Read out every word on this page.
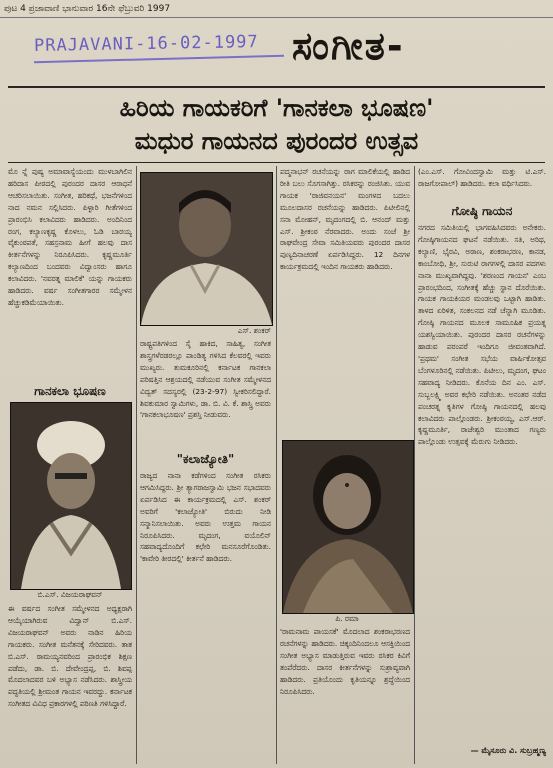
ಪುಟ 4 ಪ್ರಜಾವಾಣಿ ಭಾನುವಾರ 16ನೇ ಫೆಬ್ರುವರಿ 1997
PRAJAVANI-16-02-1997 ಸಂಗೀತ-
ಹಿರಿಯ ಗಾಯಕರಿಗೆ 'ಗಾನಕಲಾ ಭೂಷಣ'
ಮಧುರ ಗಾಯನದ ಪುರಂದರ ಉತ್ಸವ

ಮೊ ನ್ನೆ ಪುಷ್ಯ ಅಮಾವಾಸ್ಯೆಯಂದು ಮುಳಬಾಗಿಲಿನ ಹರಿದಾಸ ಪೀಠದಲ್ಲಿ ಪುರಂದರ ದಾಸರ ಆರಾಧನೆ ಆಚರಿಸಲಾಯಿತು. ಸಂಗೀತ, ಹರಿಕಥೆ, ಭಜನೆಗಳಿಂದ ನಾದ ನಮನ ಸಲ್ಲಿಸಿದರು. ಪಿಳ್ಳಾರಿ ಗೀತೆಗಳಿಂದ ಪ್ರಾರಂಭಿಸಿ ಕಲಾವಿದರು ಹಾಡಿದರು. ಅಂದಿನಿಂದ ರಂಗ, ಕಲ್ಯಾಣಕೃಷ್ಣ ಕೊಳಲು, ಓಡಿ ಬಾರಯ್ಯ ವೈಕುಂಠಪತೆ, ಸಹಸ್ರನಾಮ ಹೀಗೆ ಹಲವು ದಾಸ ಕೀರ್ತನೆಗಳನ್ನು ನಿರೂಪಿಸಿದರು. ಕೃಷ್ಣಮೂರ್ತಿ ಕಲ್ಯಾಣದಿಂದ ಬಂದವರು ವಿದ್ವಾಂಸರು ಹಾಗೂ ಕಲಾವಿದರು. 'ನವರತ್ನ ಮಾಲಿಕೆ' ಯನ್ನು ಗಾಯಕರು ಹಾಡಿದರು. ವರ್ಷ ಸಂಗೀತಗಾರರ ಸಮ್ಮೇಳನ ಹೆಚ್ಚುಕಡಿಮೆಯಾಯಿತು.

ಗಾನಕಲಾ ಭೂಷಣ
ಬಿ.ಎಸ್. ವಿಜಯರಾಘವನ್

ಈ ವರ್ಷದ ಸಂಗೀತ ಸಮ್ಮೇಳನದ ಅಧ್ಯಕ್ಷರಾಗಿ ಆಯ್ಕೆಯಾಗಿರುವ ವಿದ್ವಾನ್ ಬಿ.ಎಸ್. ವಿಜಯರಾಘವನ್ ಅವರು ನಾಡಿನ ಹಿರಿಯ ಗಾಯಕರು. ಸಂಗೀತ ಮನೆತನಕ್ಕೆ ಸೇರಿದವರು. ತಾತ ಬಿ.ಎಸ್. ರಾಮಯ್ಯನವರಿಂದ ಪ್ರಾರಂಭಿಕ ಶಿಕ್ಷಣ ಪಡೆದು, ಡಾ. ಬಿ. ದೇವೇಂದ್ರಪ್ಪ, ಬಿ. ಶಿವಪ್ಪ ಮೊದಲಾದವರ ಬಳಿ ಅಭ್ಯಾಸ ನಡೆಸಿದರು. ಶಾಸ್ತ್ರೀಯ ಪದ್ಧತಿಯಲ್ಲಿ ಶ್ರೀಮಂತ ಗಾಯನ ಇವರದ್ದು. ಕರ್ನಾಟಕ ಸಂಗೀತದ ವಿವಿಧ ಪ್ರಕಾರಗಳಲ್ಲಿ ಪರಿಣತಿ ಗಳಿಸಿದ್ದಾರೆ.

ಎಸ್. ಶಂಕರ್

ರಾಷ್ಟ್ರಪತಿಗಳಿಂದ ಸೈ ಹಾಕಿದ, ಸಾಹಿತ್ಯ, ಸಂಗೀತ ಶಾಸ್ತ್ರಗಳೆರಡರಲ್ಲೂ ಪಾಂಡಿತ್ಯ ಗಳಿಸಿದ ಕೆಲವರಲ್ಲಿ ಇವರು ಮುಖ್ಯರು. ತುಮಕೂರಿನಲ್ಲಿ ಕರ್ನಾಟಕ ಗಾನಕಲಾ ಪರಿಷತ್ತಿನ ಆಶ್ರಯದಲ್ಲಿ ನಡೆಯುವ ಸಂಗೀತ ಸಮ್ಮೇಳನದ ವಿದ್ವತ್ ಸದಸ್ಯರಲ್ಲಿ (23-2-97) ಸ್ವೀಕರಿಸಲಿದ್ದಾರೆ. ಶಿವಕುಮಾರ ಸ್ವಾಮಿಗಳು, ಡಾ. ಬಿ. ವಿ. ಕೆ. ಶಾಸ್ತ್ರಿ ಅವರು 'ಗಾನಕಲಾಭೂಷಣ' ಪ್ರಶಸ್ತಿ ನೀಡುವರು.

"ಕಲಾಜ್ಯೋತಿ"

ರಾಜ್ಯದ ನಾನಾ ಕಡೆಗಳಿಂದ ಸಂಗೀತ ರಸಿಕರು ಆಗಮಿಸಿದ್ದರು. ಶ್ರೀ ತ್ಯಾಗರಾಜಸ್ವಾಮಿ ಭಜನ ಸಭಾದವರು ಏರ್ಪಡಿಸಿದ ಈ ಕಾರ್ಯಕ್ರಮದಲ್ಲಿ ಎಸ್. ಶಂಕರ್ ಅವರಿಗೆ 'ಕಲಾಜ್ಯೋತಿ' ಬಿರುದು ನೀಡಿ ಸನ್ಮಾನಿಸಲಾಯಿತು. ಅವರು ಉತ್ತಮ ಗಾಯನ ನಿರೂಪಿಸಿದರು. ಮೃದಂಗ, ವಯೊಲಿನ್ ಸಹವಾದ್ಯದೊಂದಿಗೆ ಕಛೇರಿ ಮನಸೂರೆಗೊಂಡಿತು. 'ಕಾವೇರಿ ತೀರದಲ್ಲಿ' ಕೀರ್ತನೆ ಹಾಡಿದರು.

ಪದ್ಮನಾಭನ್ ರಚನೆಯನ್ನು ರಾಗ ಮಾಲಿಕೆಯಲ್ಲಿ ಹಾಡಿದ ರೀತಿ ಬಲು ಸೊಗಸಾಗಿತ್ತು. ರಸಿಕರನ್ನು ರಂಜಿಸಿತು. ಯುವ ಗಾಯಕ 'ರಾಜಿವನಯನ' ಮಂಗಳದ ಬದಲು ಮೂಲದಾಸರ ರಚನೆಯನ್ನು ಹಾಡಿದರು. ಪಿಟೀಲಿನಲ್ಲಿ ಸನಾ ಮೋಹನ್, ಮೃದಂಗದಲ್ಲಿ ಬಿ. ಆನಂದ್ ಮತ್ತು ಎಸ್. ಶ್ರೀಕಂಠ ನೆರವಾದರು. ಅಂದು ಸಂಜೆ ಶ್ರೀ ರಾಘವೇಂದ್ರ ಸೇವಾ ಸಮಿತಿಯವರು ಪುರಂದರ ದಾಸರ ಪುಣ್ಯದಿನಾಚರಣೆ ಏರ್ಪಡಿಸಿದ್ದರು. 12 ದಿನಗಳ ಕಾರ್ಯಕ್ರಮದಲ್ಲಿ ಇಂದಿನ ಗಾಯಕರು ಹಾಡಿದರು.

ಪಿ. ರಮಾ

'ರಾಮನಾಮ ಪಾಯಸಕೆ' ಮೊದಲಾದ ಶಂಕರಾಭರಣದ ರಚನೆಗಳನ್ನು ಹಾಡಿದರು. ಚಿಕ್ಕಂದಿನಿಂದಲೂ ಆಸಕ್ತಿಯಿಂದ ಸಂಗೀತ ಅಭ್ಯಾಸ ಮಾಡುತ್ತಿರುವ ಇವರು ರಸಿಕರ ಕಿವಿಗೆ ತಂಪೆರೆದರು. ದಾಸರ ಕೀರ್ತನೆಗಳನ್ನು ಸುಶ್ರಾವ್ಯವಾಗಿ ಹಾಡಿದರು. ಪ್ರತಿಯೊಂದು ಕೃತಿಯನ್ನೂ ಶ್ರದ್ಧೆಯಿಂದ ನಿರೂಪಿಸಿದರು.

(ಎಂ.ಎಸ್. ಗೋವಿಂದಸ್ವಾಮಿ ಮತ್ತು ಟಿ.ಎಸ್. ರಾಜಗೋಪಾಲ್) ಹಾಡಿದರು. ಕಲಾ ವರ್ಧಿಸಿದರು.

ಗೋಷ್ಠಿ ಗಾಯನ

ನಗರದ ಸಮಿತಿಯಲ್ಲಿ ಭಾಗವಹಿಸಿದವರು ಅನೇಕರು. ಗೋಷ್ಠಿಗಾಯನದ ಘಟನೆ ನಡೆಯಿತು. ಸತಿ, ಅರಿಥ, ಕಲ್ಯಾಣಿ, ಭೈರವಿ, ಅಠಾಣ, ಶಂಕರಾಭರಣ, ಕಾನಡ, ಕಾಂಬೋಧಿ, ಶ್ರೀ, ಸುರುಟಿ ರಾಗಗಳಲ್ಲಿ ದಾಸರ ಪದಗಳು ನಾನಾ ಮುಖ್ಯವಾಗಿದ್ದವು. 'ಶರಣಂದ ಗಾಯನ' ಎಂಬ ಪ್ರಾರಂಭದಿಂದ, ಸಂಗೀತಕ್ಕೆ ಹೆಚ್ಚು ಸ್ಥಾನ ದೊರೆಯಿತು. ಗಾಯಕ ಗಾಯಕಿಯರ ಮಂಡಲವು ಒಟ್ಟಾಗಿ ಹಾಡಿತು. ತಾಳದ ಏರಿಳಿತ, ಸಂಕಲನದ ನಡೆ ಚೆನ್ನಾಗಿ ಮೂಡಿತು. ಗೋಷ್ಠಿ ಗಾಯನದ ಮೂಲಕ ಸಾಮೂಹಿಕ ಪ್ರಯತ್ನ ಯಶಸ್ವಿಯಾಯಿತು. ಪುರಂದರ ದಾಸರ ರಚನೆಗಳನ್ನು ಹಾಡುವ ಪರಂಪರೆ ಇಂದಿಗೂ ಜೀವಂತವಾಗಿದೆ. 'ಪ್ರಥಮ' ಸಂಗೀತ ಸಭೆಯ ವಾರ್ಷಿಕೋತ್ಸವ ಬೆಂಗಳೂರಿನಲ್ಲಿ ನಡೆಯಿತು. ಪಿಟೀಲು, ಮೃದಂಗ, ಘಟಂ ಸಹವಾದ್ಯ ನೀಡಿದರು. ಕೊನೆಯ ದಿನ ಎಂ. ಎಸ್. ಸುಬ್ಬಲಕ್ಷ್ಮಿ ಅವರ ಕಛೇರಿ ನಡೆಯಿತು. ಅನಂತರ ನಡೆದ ಪಂಚರತ್ನ ಕೃತಿಗಳ ಗೋಷ್ಠಿ ಗಾಯನದಲ್ಲಿ ಹಲವು ಕಲಾವಿದರು ಪಾಲ್ಗೊಂಡರು. ಶ್ರೀಕಂಠಯ್ಯ, ಎಸ್.ಆರ್. ಕೃಷ್ಣಮೂರ್ತಿ, ರಾಜೇಶ್ವರಿ ಮುಂತಾದ ಗಣ್ಯರು ಪಾಲ್ಗೊಂಡು ಉತ್ಸವಕ್ಕೆ ಮೆರುಗು ನೀಡಿದರು.

— ಮೈಸೂರು ವಿ. ಸುಬ್ರಹ್ಮಣ್ಯ
